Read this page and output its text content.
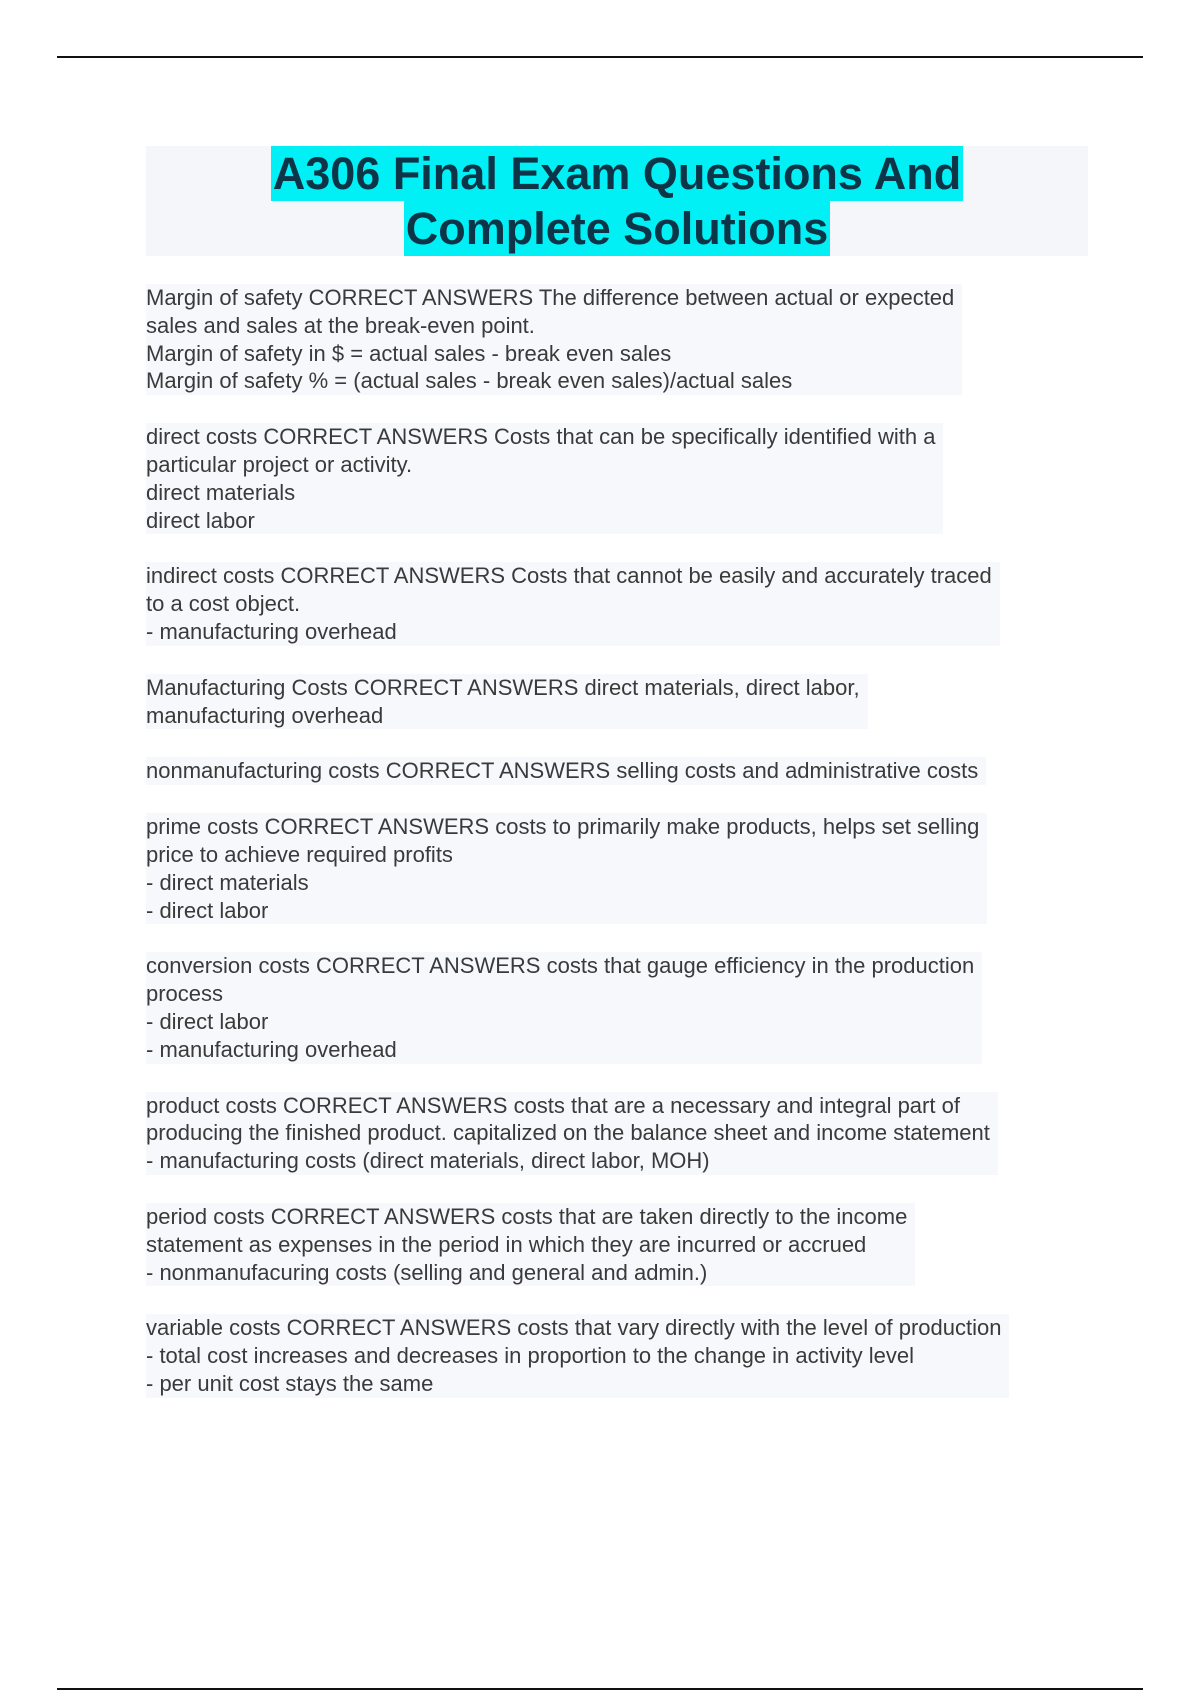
A306 Final Exam Questions And
Complete Solutions
Margin of safety CORRECT ANSWERS The difference between actual or expected
sales and sales at the break-even point.
Margin of safety in $ = actual sales - break even sales
Margin of safety % = (actual sales - break even sales)/actual sales
direct costs CORRECT ANSWERS Costs that can be specifically identified with a
particular project or activity.
direct materials
direct labor
indirect costs CORRECT ANSWERS Costs that cannot be easily and accurately traced
to a cost object.
- manufacturing overhead
Manufacturing Costs CORRECT ANSWERS direct materials, direct labor,
manufacturing overhead
nonmanufacturing costs CORRECT ANSWERS selling costs and administrative costs
prime costs CORRECT ANSWERS costs to primarily make products, helps set selling
price to achieve required profits
- direct materials
- direct labor
conversion costs CORRECT ANSWERS costs that gauge efficiency in the production
process
- direct labor
- manufacturing overhead
product costs CORRECT ANSWERS costs that are a necessary and integral part of
producing the finished product. capitalized on the balance sheet and income statement
- manufacturing costs (direct materials, direct labor, MOH)
period costs CORRECT ANSWERS costs that are taken directly to the income
statement as expenses in the period in which they are incurred or accrued
- nonmanufacuring costs (selling and general and admin.)
variable costs CORRECT ANSWERS costs that vary directly with the level of production
- total cost increases and decreases in proportion to the change in activity level
- per unit cost stays the same
